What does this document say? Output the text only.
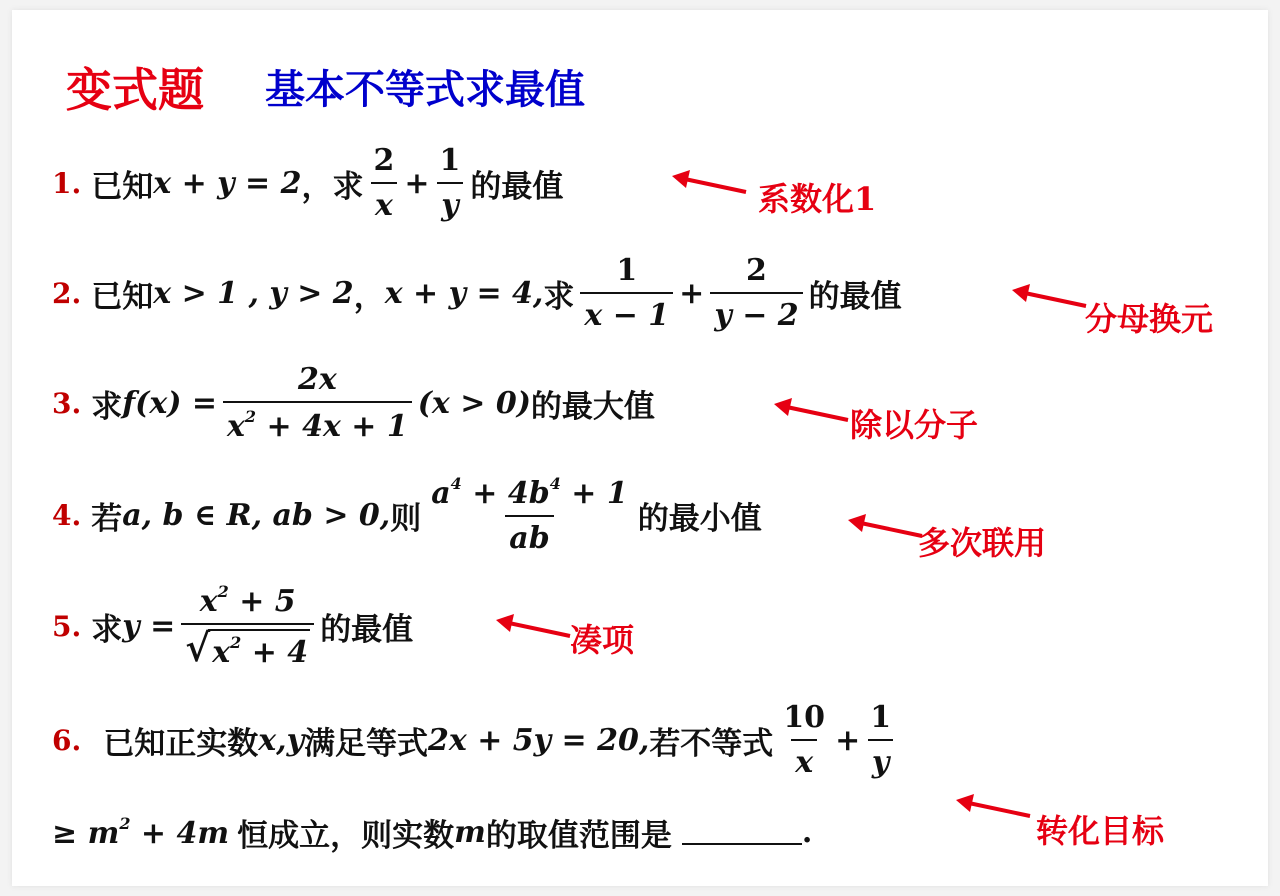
变式题 基本不等式求最值
1. 已知 x + y = 2 ，求 $\frac{2}{x} + \frac{1}{y}$ 的最值
2. 已知 x > 1 , y > 2 ， x + y = 4, 求 $\frac{1}{x - 1} + \frac{2}{y - 2}$ 的最值
3. 求 $f(x) = \frac{2x}{x^2 + 4x + 1} (x > 0)$ 的最大值
4. 若 a, b ∈ R, ab > 0, 则 $\frac{a^4 + 4b^4 + 1}{ab}$ 的最小值
5. 求 $y = \frac{x^2 + 5}{√ x^2 + 4}$ 的最值
6. 已知正实数 x,y 满足等式 2x + 5y = 20, 若不等式 $\frac{10}{x} + \frac{1}{y}$
≥ $m^2 + 4m$ 恒成立，则实数 m 的取值范围是	.
系数化1
分母换元
除以分子
多次联用
凑项
转化目标
